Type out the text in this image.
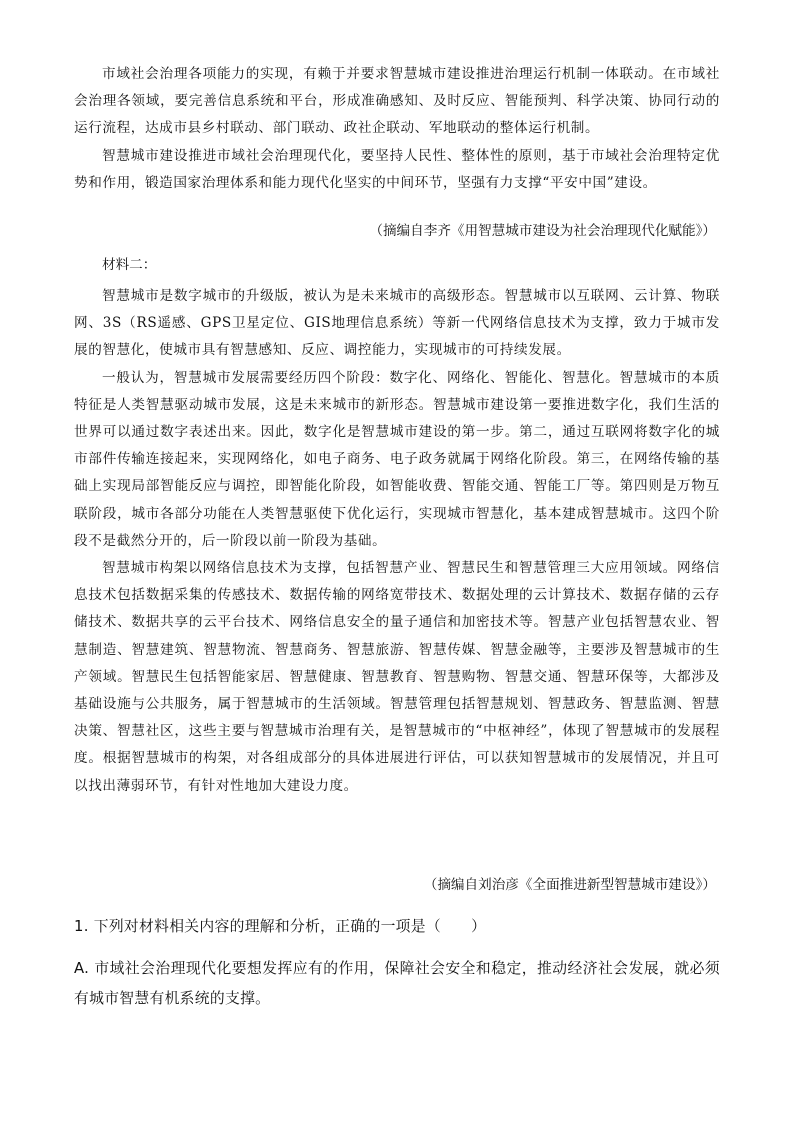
市域社会治理各项能力的实现，有赖于并要求智慧城市建设推进治理运行机制一体联动。在市域社会治理各领域，要完善信息系统和平台，形成准确感知、及时反应、智能预判、科学决策、协同行动的运行流程，达成市县乡村联动、部门联动、政社企联动、军地联动的整体运行机制。

智慧城市建设推进市域社会治理现代化，要坚持人民性、整体性的原则，基于市域社会治理特定优势和作用，锻造国家治理体系和能力现代化坚实的中间环节，坚强有力支撑“平安中国”建设。

（摘编自李齐《用智慧城市建设为社会治理现代化赋能》）
材料二：

智慧城市是数字城市的升级版，被认为是未来城市的高级形态。智慧城市以互联网、云计算、物联网、3S（RS遥感、GPS卫星定位、GIS地理信息系统）等新一代网络信息技术为支撑，致力于城市发展的智慧化，使城市具有智慧感知、反应、调控能力，实现城市的可持续发展。

一般认为，智慧城市发展需要经历四个阶段：数字化、网络化、智能化、智慧化。智慧城市的本质特征是人类智慧驱动城市发展，这是未来城市的新形态。智慧城市建设第一要推进数字化，我们生活的世界可以通过数字表述出来。因此，数字化是智慧城市建设的第一步。第二，通过互联网将数字化的城市部件传输连接起来，实现网络化，如电子商务、电子政务就属于网络化阶段。第三，在网络传输的基础上实现局部智能反应与调控，即智能化阶段，如智能收费、智能交通、智能工厂等。第四则是万物互联阶段，城市各部分功能在人类智慧驱使下优化运行，实现城市智慧化，基本建成智慧城市。这四个阶段不是截然分开的，后一阶段以前一阶段为基础。

智慧城市构架以网络信息技术为支撑，包括智慧产业、智慧民生和智慧管理三大应用领域。网络信息技术包括数据采集的传感技术、数据传输的网络宽带技术、数据处理的云计算技术、数据存储的云存储技术、数据共享的云平台技术、网络信息安全的量子通信和加密技术等。智慧产业包括智慧农业、智慧制造、智慧建筑、智慧物流、智慧商务、智慧旅游、智慧传媒、智慧金融等，主要涉及智慧城市的生产领域。智慧民生包括智能家居、智慧健康、智慧教育、智慧购物、智慧交通、智慧环保等，大都涉及基础设施与公共服务，属于智慧城市的生活领域。智慧管理包括智慧规划、智慧政务、智慧监测、智慧决策、智慧社区，这些主要与智慧城市治理有关，是智慧城市的“中枢神经”，体现了智慧城市的发展程度。根据智慧城市的构架，对各组成部分的具体进展进行评估，可以获知智慧城市的发展情况，并且可以找出薄弱环节，有针对性地加大建设力度。

（摘编自刘治彦《全面推进新型智慧城市建设》）

1. 下列对材料相关内容的理解和分析，正确的一项是（　　）

A. 市域社会治理现代化要想发挥应有的作用，保障社会安全和稳定，推动经济社会发展，就必须有城市智慧有机系统的支撑。
